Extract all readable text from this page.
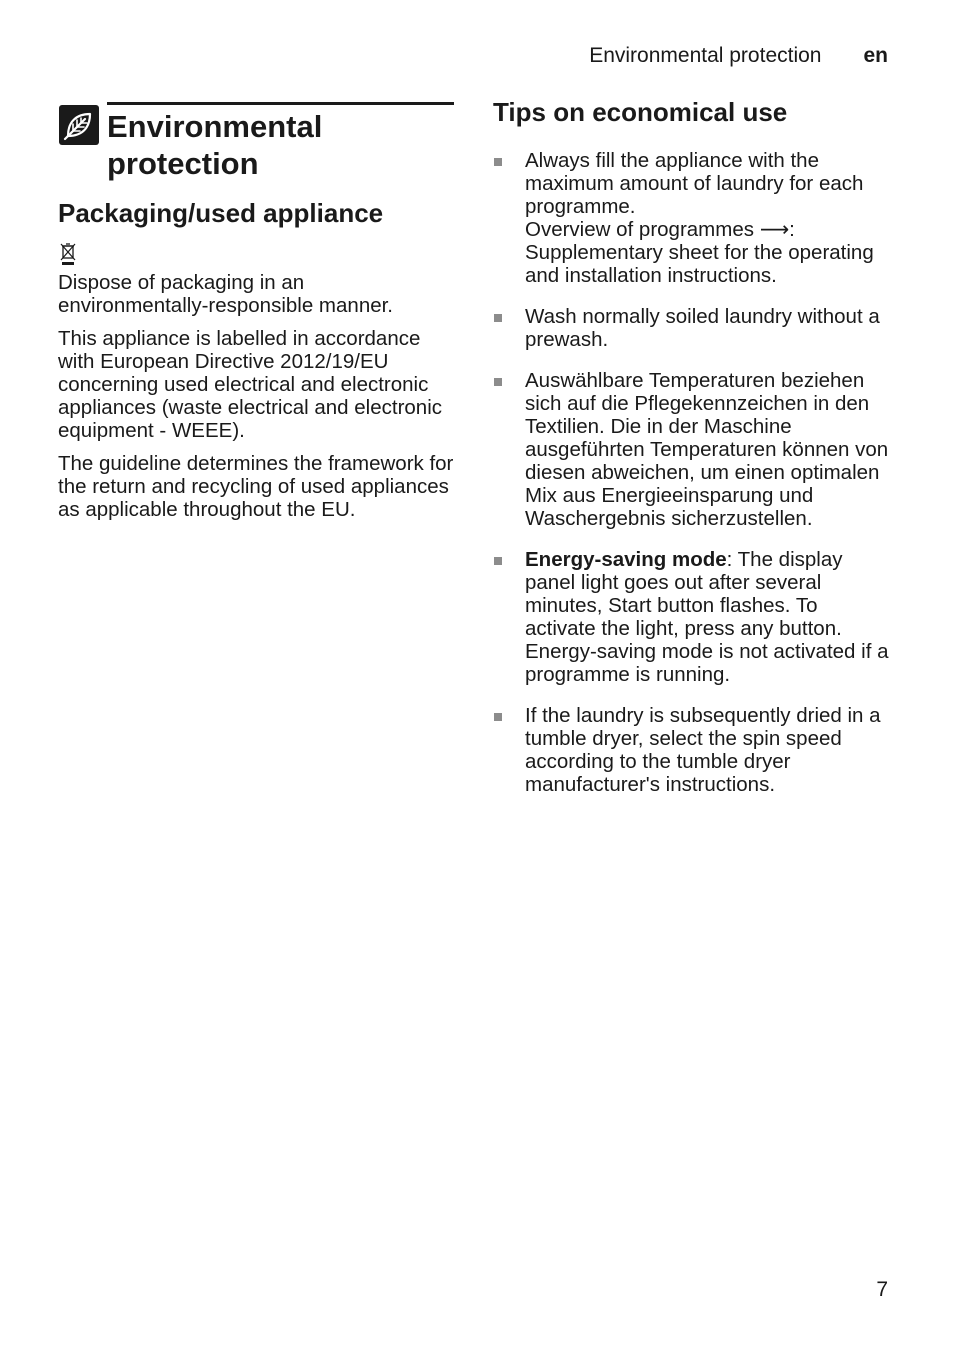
Environmental protection en
Environmental
protection
Packaging/used appliance

Dispose of packaging in an environmentally-responsible manner.

This appliance is labelled in accordance with European Directive 2012/19/EU concerning used electrical and electronic appliances (waste electrical and electronic equipment - WEEE).

The guideline determines the framework for the return and recycling of used appliances as applicable throughout the EU.

Tips on economical use
Always fill the appliance with the maximum amount of laundry for each programme.
Overview of programmes ⟶: Supplementary sheet for the operating and installation instructions.
Wash normally soiled laundry without a prewash.
Auswählbare Temperaturen beziehen sich auf die Pflegekennzeichen in den Textilien. Die in der Maschine ausgeführten Temperaturen können von diesen abweichen, um einen optimalen Mix aus Energieeinsparung und Waschergebnis sicherzustellen.
Energy-saving mode: The display panel light goes out after several minutes, Start button flashes. To activate the light, press any button. Energy-saving mode is not activated if a programme is running.
If the laundry is subsequently dried in a tumble dryer, select the spin speed according to the tumble dryer manufacturer's instructions.
7
